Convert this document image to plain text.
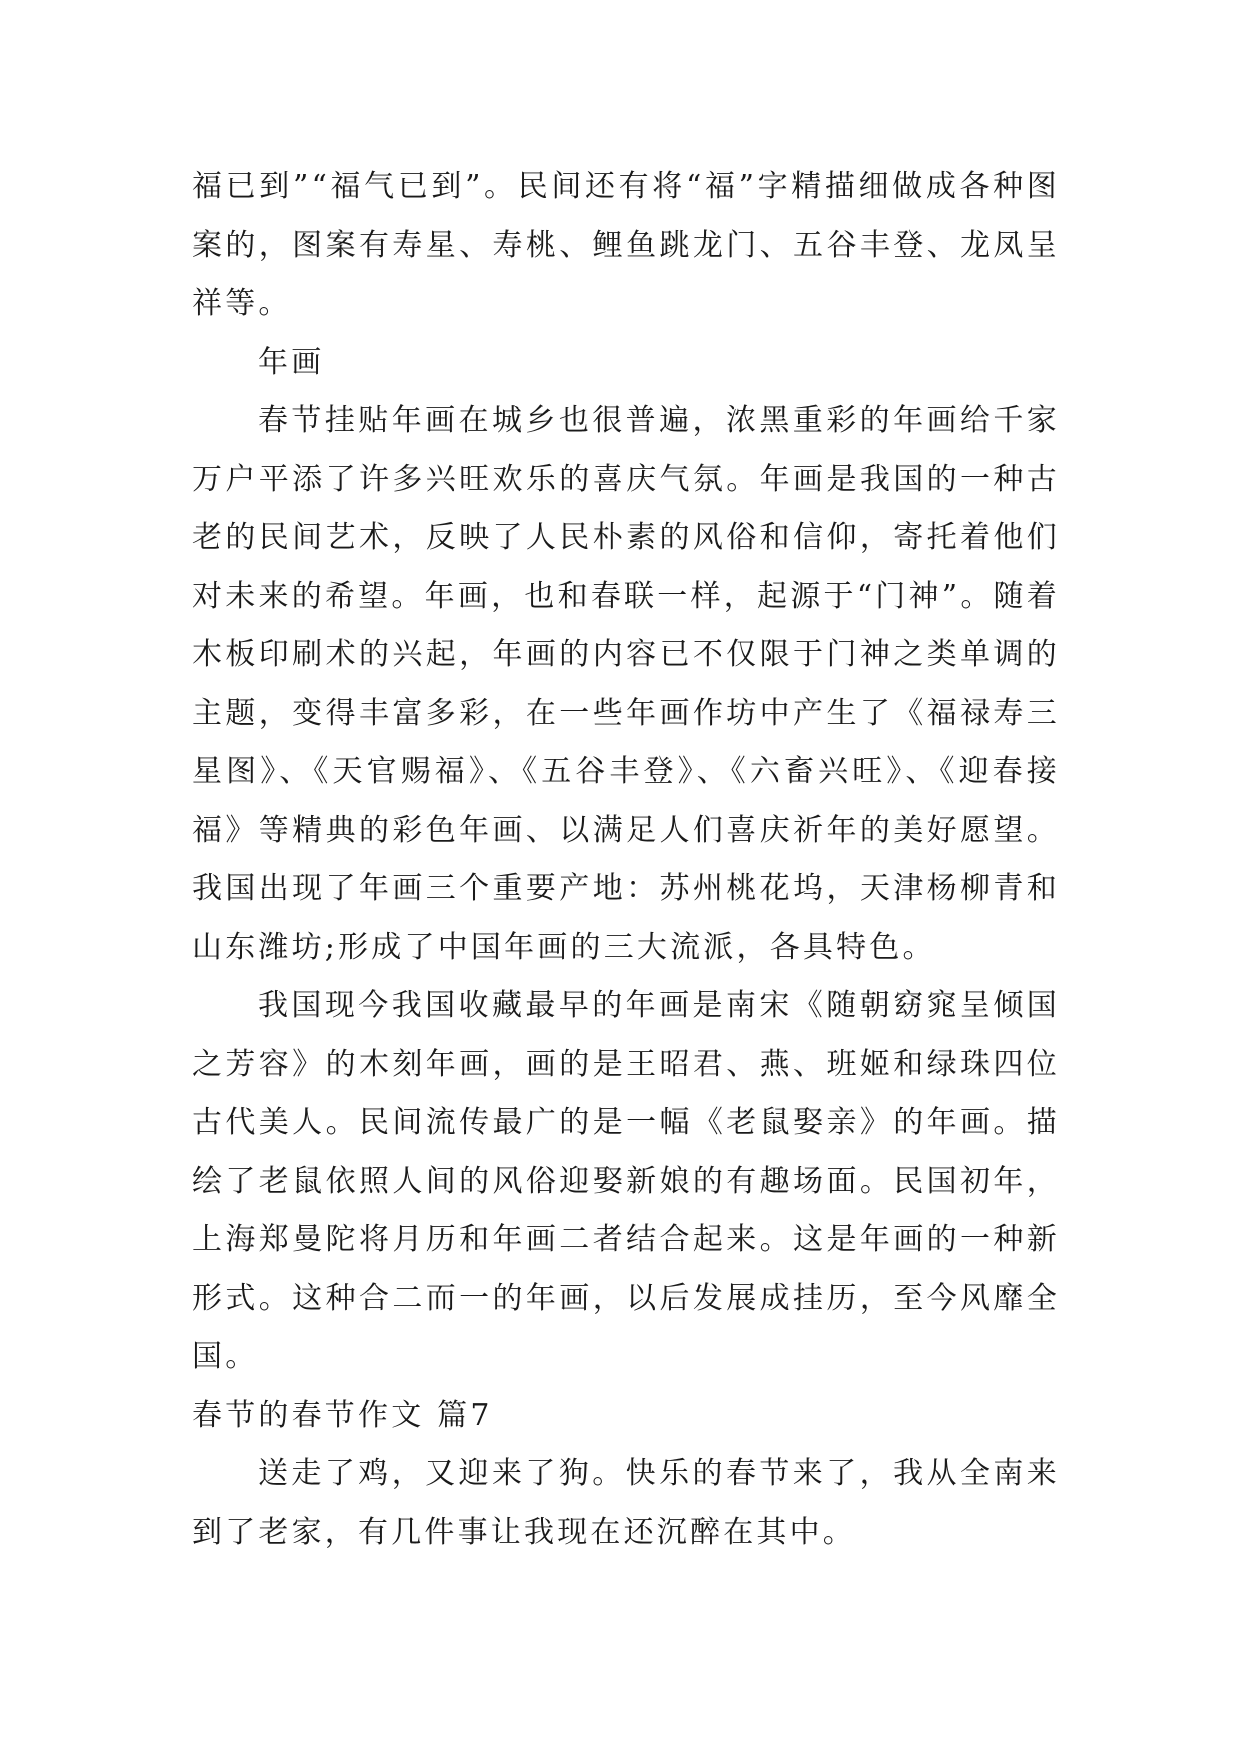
福已到”“福气已到”。民间还有将“福”字精描细做成各种图案的，图案有寿星、寿桃、鲤鱼跳龙门、五谷丰登、龙凤呈祥等。

年画

春节挂贴年画在城乡也很普遍，浓黑重彩的年画给千家万户平添了许多兴旺欢乐的喜庆气氛。年画是我国的一种古老的民间艺术，反映了人民朴素的风俗和信仰，寄托着他们对未来的希望。年画，也和春联一样，起源于“门神”。随着木板印刷术的兴起，年画的内容已不仅限于门神之类单调的主题，变得丰富多彩，在一些年画作坊中产生了《福禄寿三星图》、《天官赐福》、《五谷丰登》、《六畜兴旺》、《迎春接福》等精典的彩色年画、以满足人们喜庆祈年的美好愿望。我国出现了年画三个重要产地：苏州桃花坞，天津杨柳青和山东潍坊;形成了中国年画的三大流派，各具特色。

我国现今我国收藏最早的年画是南宋《随朝窈窕呈倾国之芳容》的木刻年画，画的是王昭君、燕、班姬和绿珠四位古代美人。民间流传最广的是一幅《老鼠娶亲》的年画。描绘了老鼠依照人间的风俗迎娶新娘的有趣场面。民国初年，上海郑曼陀将月历和年画二者结合起来。这是年画的一种新形式。这种合二而一的年画，以后发展成挂历，至今风靡全国。

春节的春节作文 篇7

送走了鸡，又迎来了狗。快乐的春节来了，我从全南来到了老家，有几件事让我现在还沉醉在其中。
